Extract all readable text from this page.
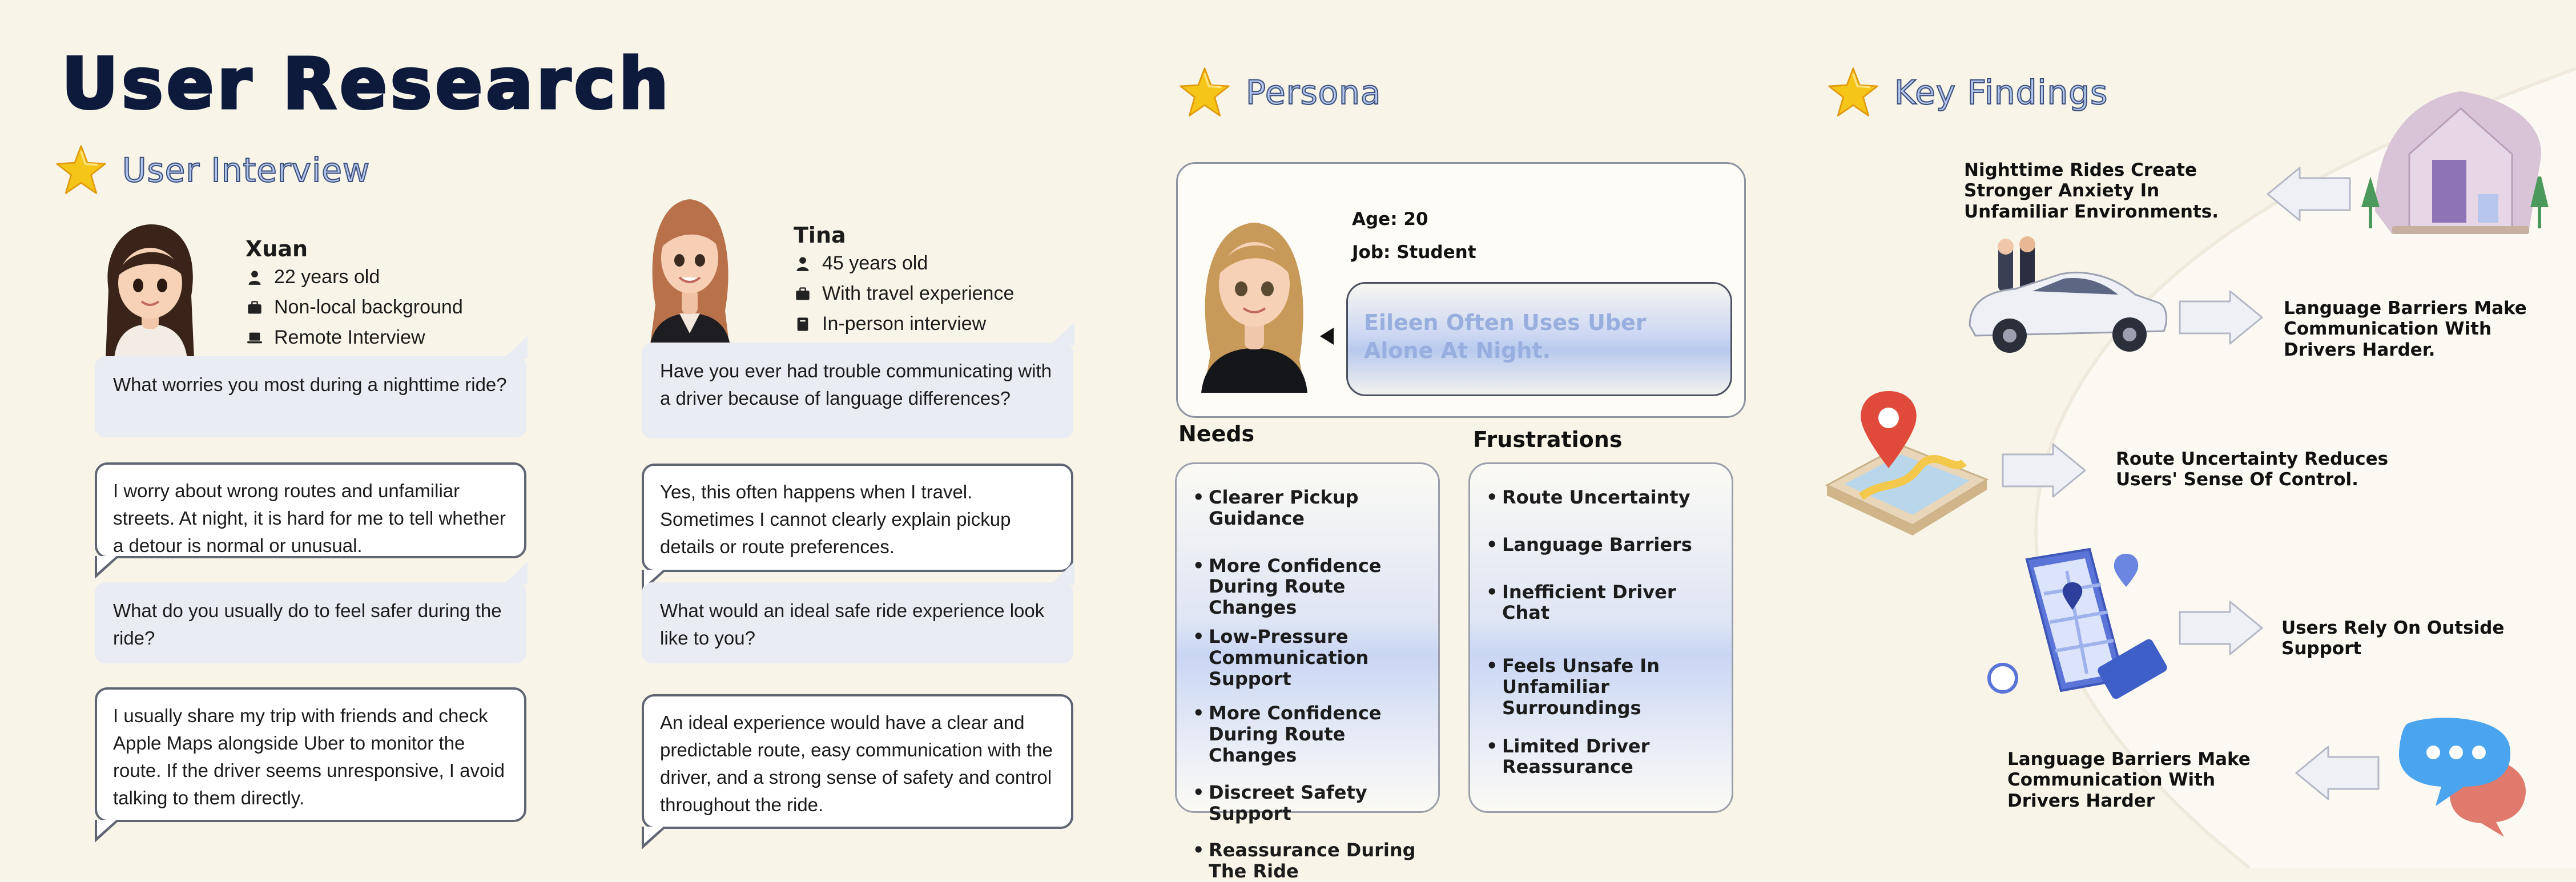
User Research
User Interview
Xuan
22 years old
Non-local background
Remote Interview
What worries you most during a nighttime ride?
I worry about wrong routes and unfamiliar streets. At night, it is hard for me to tell whether a detour is normal or unusual.
What do you usually do to feel safer during the ride?
I usually share my trip with friends and check Apple Maps alongside Uber to monitor the route. If the driver seems unresponsive, I avoid talking to them directly.
Tina
45 years old
With travel experience
In-person interview
Have you ever had trouble communicating with a driver because of language differences?
Yes, this often happens when I travel. Sometimes I cannot clearly explain pickup details or route preferences.
What would an ideal safe ride experience look like to you?
An ideal experience would have a clear and predictable route, easy communication with the driver, and a strong sense of safety and control throughout the ride.
Persona
Age: 20
Job: Student
Eileen Often Uses Uber Alone At Night.
Needs
• Clearer Pickup Guidance
• More Confidence During Route Changes
• Low-Pressure Communication Support
• More Confidence During Route Changes
• Discreet Safety Support
• Reassurance During The Ride
Frustrations
• Route Uncertainty
• Language Barriers
• Inefficient Driver Chat
• Feels Unsafe In Unfamiliar Surroundings
• Limited Driver Reassurance
Key Findings
Nighttime Rides Create Stronger Anxiety In Unfamiliar Environments.
Language Barriers Make Communication With Drivers Harder.
Route Uncertainty Reduces Users' Sense Of Control.
Users Rely On Outside Support
Language Barriers Make Communication With Drivers Harder
